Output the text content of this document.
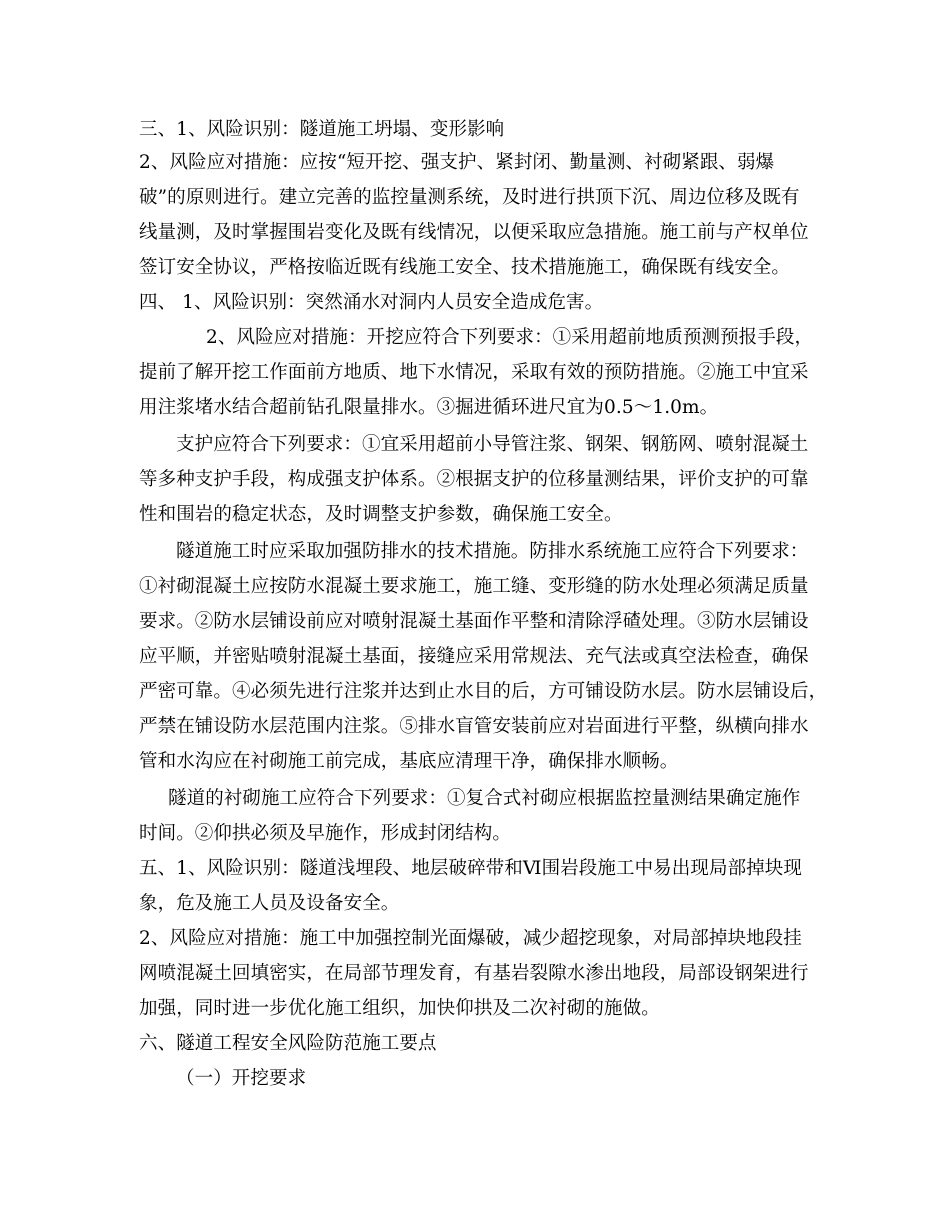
三、1、风险识别：隧道施工坍塌、变形影响
2、风险应对措施：应按“短开挖、强支护、紧封闭、勤量测、衬砌紧跟、弱爆
破”的原则进行。建立完善的监控量测系统，及时进行拱顶下沉、周边位移及既有
线量测，及时掌握围岩变化及既有线情况，以便采取应急措施。施工前与产权单位
签订安全协议，严格按临近既有线施工安全、技术措施施工，确保既有线安全。
四、 1、风险识别：突然涌水对洞内人员安全造成危害。
2、风险应对措施：开挖应符合下列要求：①采用超前地质预测预报手段，
提前了解开挖工作面前方地质、地下水情况，采取有效的预防措施。②施工中宜采
用注浆堵水结合超前钻孔限量排水。③掘进循环进尺宜为0.5～1.0m。
支护应符合下列要求：①宜采用超前小导管注浆、钢架、钢筋网、喷射混凝土
等多种支护手段，构成强支护体系。②根据支护的位移量测结果，评价支护的可靠
性和围岩的稳定状态，及时调整支护参数，确保施工安全。
隧道施工时应采取加强防排水的技术措施。防排水系统施工应符合下列要求：
①衬砌混凝土应按防水混凝土要求施工，施工缝、变形缝的防水处理必须满足质量
要求。②防水层铺设前应对喷射混凝土基面作平整和清除浮碴处理。③防水层铺设
应平顺，并密贴喷射混凝土基面，接缝应采用常规法、充气法或真空法检查，确保
严密可靠。④必须先进行注浆并达到止水目的后，方可铺设防水层。防水层铺设后，
严禁在铺设防水层范围内注浆。⑤排水盲管安装前应对岩面进行平整，纵横向排水
管和水沟应在衬砌施工前完成，基底应清理干净，确保排水顺畅。
隧道的衬砌施工应符合下列要求：①复合式衬砌应根据监控量测结果确定施作
时间。②仰拱必须及早施作，形成封闭结构。
五、1、风险识别：隧道浅埋段、地层破碎带和Ⅵ围岩段施工中易出现局部掉块现
象，危及施工人员及设备安全。
2、风险应对措施：施工中加强控制光面爆破，减少超挖现象，对局部掉块地段挂
网喷混凝土回填密实，在局部节理发育，有基岩裂隙水渗出地段，局部设钢架进行
加强，同时进一步优化施工组织，加快仰拱及二次衬砌的施做。
六、隧道工程安全风险防范施工要点
（一）开挖要求
